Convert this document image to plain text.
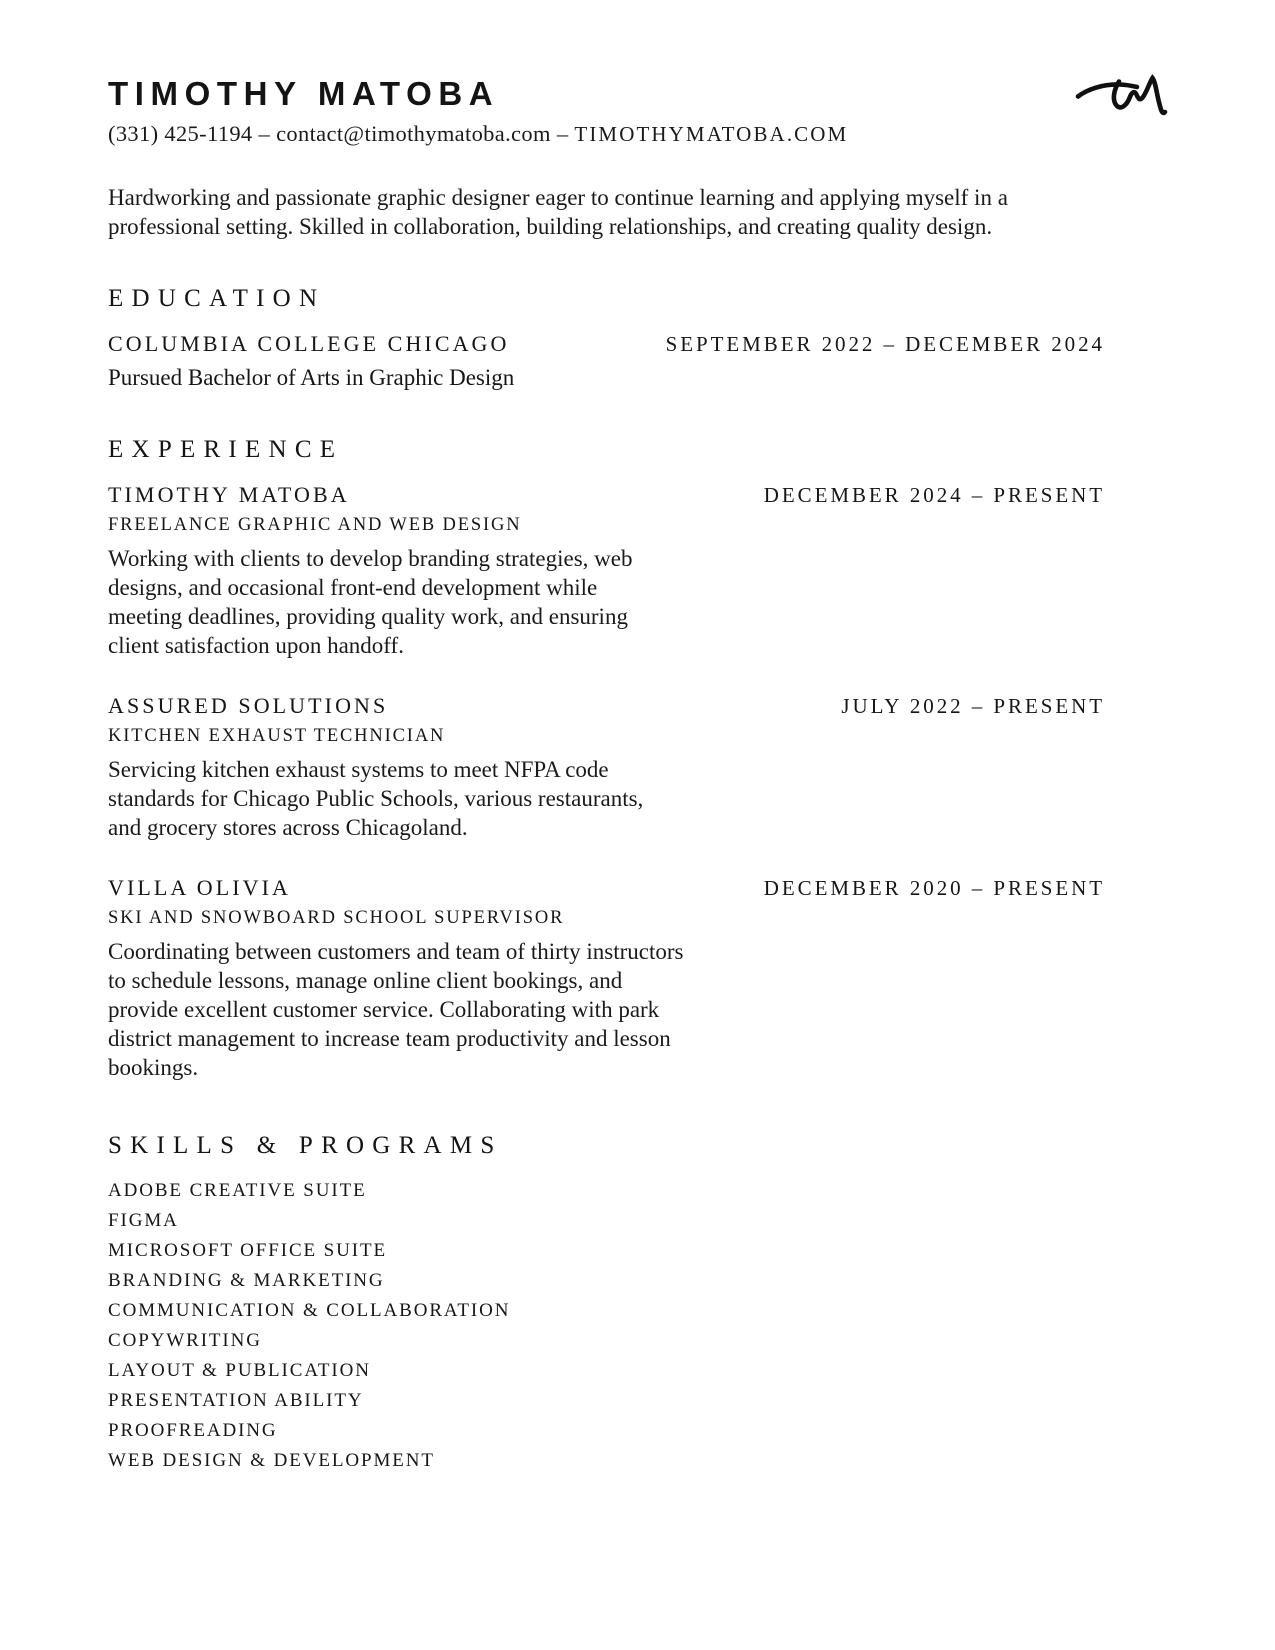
TIMOTHY MATOBA
(331) 425-1194 – contact@timothymatoba.com – TIMOTHYMATOBA.COM

Hardworking and passionate graphic designer eager to continue learning and applying myself in a professional setting. Skilled in collaboration, building relationships, and creating quality design.

EDUCATION
COLUMBIA COLLEGE CHICAGO	SEPTEMBER 2022 – DECEMBER 2024
Pursued Bachelor of Arts in Graphic Design
EXPERIENCE
TIMOTHY MATOBA	DECEMBER 2024 – PRESENT
FREELANCE GRAPHIC AND WEB DESIGN

Working with clients to develop branding strategies, web designs, and occasional front-end development while meeting deadlines, providing quality work, and ensuring client satisfaction upon handoff.

ASSURED SOLUTIONS	JULY 2022 – PRESENT
KITCHEN EXHAUST TECHNICIAN

Servicing kitchen exhaust systems to meet NFPA code standards for Chicago Public Schools, various restaurants, and grocery stores across Chicagoland.

VILLA OLIVIA	DECEMBER 2020 – PRESENT
SKI AND SNOWBOARD SCHOOL SUPERVISOR

Coordinating between customers and team of thirty instructors to schedule lessons, manage online client bookings, and provide excellent customer service. Collaborating with park district management to increase team productivity and lesson bookings.

SKILLS & PROGRAMS
ADOBE CREATIVE SUITE
FIGMA
MICROSOFT OFFICE SUITE
BRANDING & MARKETING
COMMUNICATION & COLLABORATION
COPYWRITING
LAYOUT & PUBLICATION
PRESENTATION ABILITY
PROOFREADING
WEB DESIGN & DEVELOPMENT
